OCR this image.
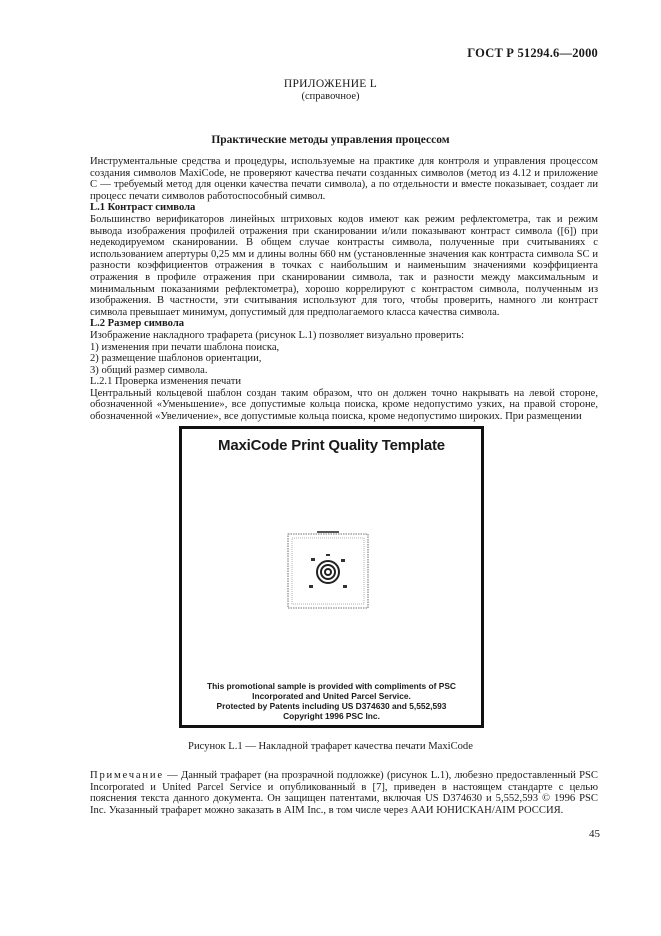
ГОСТ Р 51294.6—2000
ПРИЛОЖЕНИЕ L
(справочное)
Практические методы управления процессом

Инструментальные средства и процедуры, используемые на практике для контроля и управления процессом создания символов MaxiCode, не проверяют качества печати созданных символов (метод из 4.12 и приложение С — требуемый метод для оценки качества печати символа), а по отдельности и вместе показывает, создает ли процесс печати символов работоспособный символ.

L.1 Контраст символа

Большинство верификаторов линейных штриховых кодов имеют как режим рефлектометра, так и режим вывода изображения профилей отражения при сканировании и/или показывают контраст символа ([6]) при недекодируемом сканировании. В общем случае контрасты символа, полученные при считываниях с использованием апертуры 0,25 мм и длины волны 660 нм (установленные значения как контраста символа SC и разности коэффициентов отражения в точках с наибольшим и наименьшим значениями коэффициента отражения в профиле отражения при сканировании символа, так и разности между максимальным и минимальным показаниями рефлектометра), хорошо коррелируют с контрастом символа, полученным из изображения. В частности, эти считывания используют для того, чтобы проверить, намного ли контраст символа превышает минимум, допустимый для предполагаемого класса качества символа.

L.2 Размер символа

Изображение накладного трафарета (рисунок L.1) позволяет визуально проверить:

1) изменения при печати шаблона поиска,

2) размещение шаблонов ориентации,

3) общий размер символа.

L.2.1 Проверка изменения печати

Центральный кольцевой шаблон создан таким образом, что он должен точно накрывать на левой стороне, обозначенной «Уменьшение», все допустимые кольца поиска, кроме недопустимо узких, на правой стороне, обозначенной «Увеличение», все допустимые кольца поиска, кроме недопустимо широких. При размещении

MaxiCode Print Quality Template
This promotional sample is provided with compliments of PSC
Incorporated and United Parcel Service.
Protected by Patents including US D374630 and 5,552,593
Copyright 1996 PSC Inc.
Рисунок L.1 — Накладной трафарет качества печати MaxiCode
Примечание — Данный трафарет (на прозрачной подложке) (рисунок L.1), любезно предоставленный PSC Incorporated и United Parcel Service и опубликованный в [7], приведен в настоящем стандарте с целью пояснения текста данного документа. Он защищен патентами, включая US D374630 и 5,552,593 © 1996 PSC Inc. Указанный трафарет можно заказать в AIM Inc., в том числе через ААИ ЮНИСКАН/AIM РОССИЯ.
45
